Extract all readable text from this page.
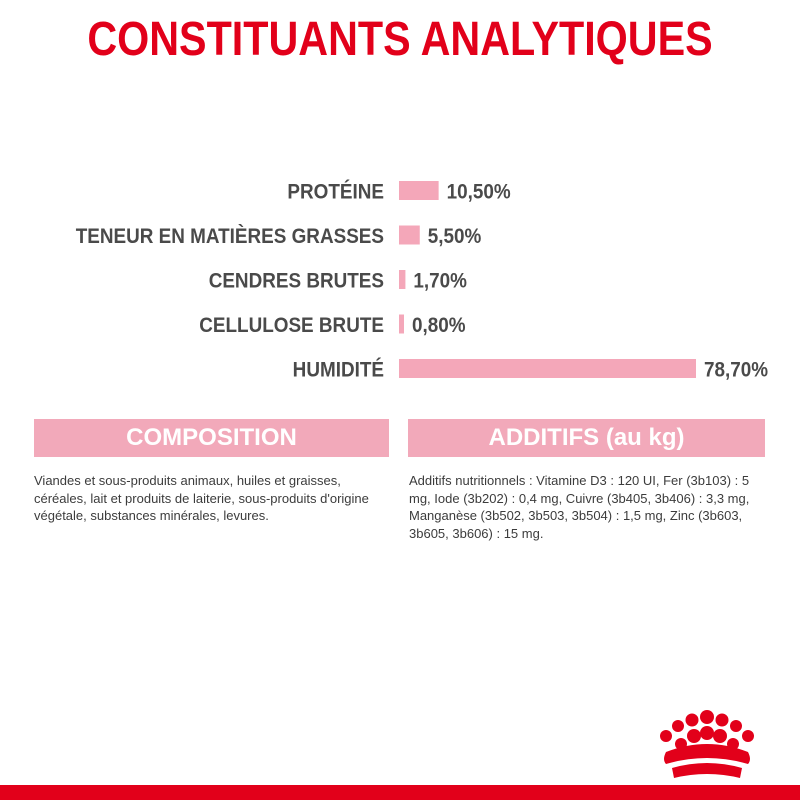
CONSTITUANTS ANALYTIQUES
PROTÉINE	10,50%
TENEUR EN MATIÈRES GRASSES 5,50%
CENDRES BRUTES 1,70%
CELLULOSE BRUTE 0,80%
HUMIDITÉ	78,70%
COMPOSITION

Viandes et sous-produits animaux, huiles et graisses, céréales, lait et produits de laiterie, sous-produits d'origine végétale, substances minérales, levures.

ADDITIFS (au kg)

Additifs nutritionnels : Vitamine D3 : 120 UI, Fer (3b103) : 5 mg, Iode (3b202) : 0,4 mg, Cuivre (3b405, 3b406) : 3,3 mg, Manganèse (3b502, 3b503, 3b504) : 1,5 mg, Zinc (3b603, 3b605, 3b606) : 15 mg.
